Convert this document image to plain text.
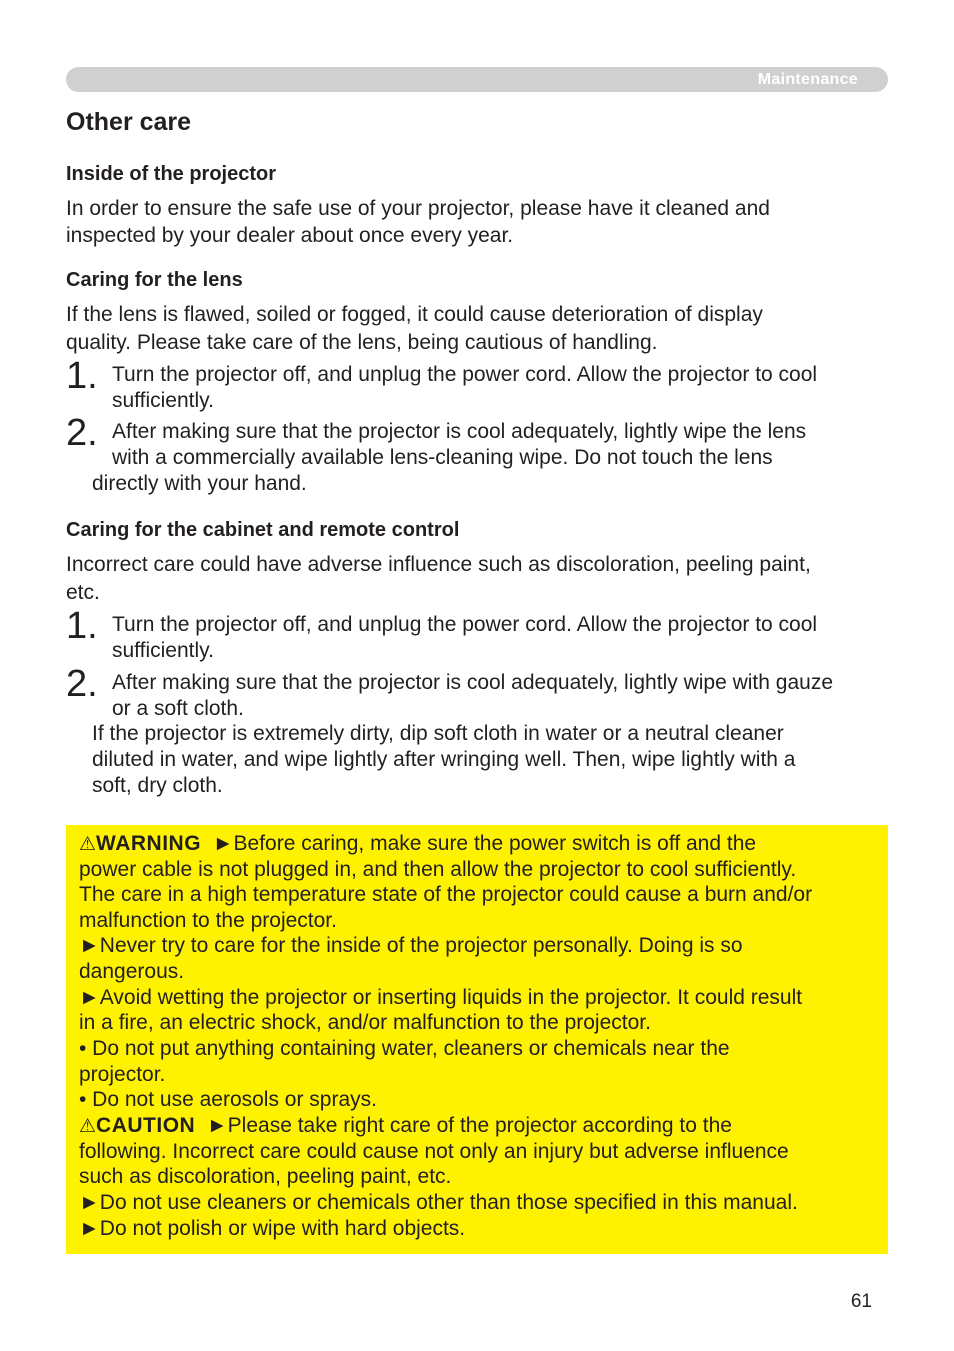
Maintenance
Other care
Inside of the projector
In order to ensure the safe use of your projector, please have it cleaned and
inspected by your dealer about once every year.
Caring for the lens
If the lens is flawed, soiled or fogged, it could cause deterioration of display
quality. Please take care of the lens, being cautious of handling.
1. Turn the projector off, and unplug the power cord. Allow the projector to cool
sufficiently.
2. After making sure that the projector is cool adequately, lightly wipe the lens
with a commercially available lens-cleaning wipe. Do not touch the lens
directly with your hand.
Caring for the cabinet and remote control
Incorrect care could have adverse influence such as discoloration, peeling paint,
etc.
1. Turn the projector off, and unplug the power cord. Allow the projector to cool
sufficiently.
2. After making sure that the projector is cool adequately, lightly wipe with gauze
or a soft cloth.
If the projector is extremely dirty, dip soft cloth in water or a neutral cleaner
diluted in water, and wipe lightly after wringing well. Then, wipe lightly with a
soft, dry cloth.
⚠WARNING ►Before caring, make sure the power switch is off and the
power cable is not plugged in, and then allow the projector to cool sufficiently.
The care in a high temperature state of the projector could cause a burn and/or
malfunction to the projector.
►Never try to care for the inside of the projector personally. Doing is so
dangerous.
►Avoid wetting the projector or inserting liquids in the projector. It could result
in a fire, an electric shock, and/or malfunction to the projector.
• Do not put anything containing water, cleaners or chemicals near the
projector.
• Do not use aerosols or sprays.
⚠CAUTION ►Please take right care of the projector according to the
following. Incorrect care could cause not only an injury but adverse influence
such as discoloration, peeling paint, etc.
►Do not use cleaners or chemicals other than those specified in this manual.
►Do not polish or wipe with hard objects.
61
